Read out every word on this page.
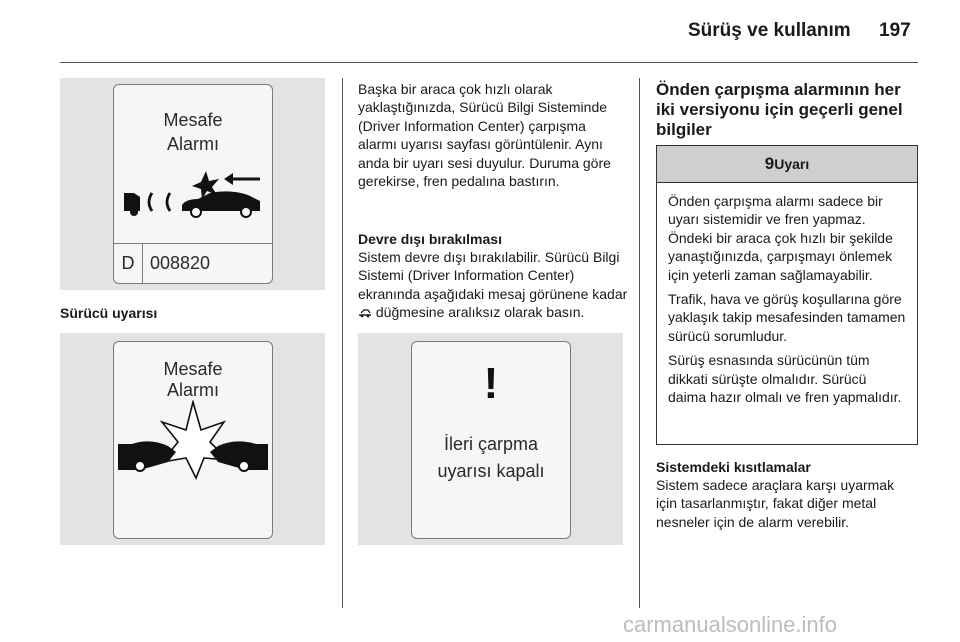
Sürüş ve kullanım 197
Mesafe
Alarmı
D 008820
Sürücü uyarısı
Mesafe
Alarmı
Başka bir araca çok hızlı olarak yaklaştığınızda, Sürücü Bilgi Sisteminde (Driver Information Center) çarpışma alarmı uyarısı sayfası görüntülenir. Aynı anda bir uyarı sesi duyulur. Duruma göre gerekirse, fren pedalına bastırın.
Devre dışı bırakılması
Sistem devre dışı bırakılabilir. Sürücü Bilgi Sistemi (Driver Information Center) ekranında aşağıdaki mesaj görünene kadar  düğmesine aralıksız olarak basın.
!
İleri çarpma
uyarısı kapalı
Önden çarpışma alarmının her iki versiyonu için geçerli genel bilgiler
9 Uyarı

Önden çarpışma alarmı sadece bir uyarı sistemidir ve fren yapmaz. Öndeki bir araca çok hızlı bir şekilde yanaştığınızda, çarpışmayı önlemek için yeterli zaman sağlamayabilir.

Trafik, hava ve görüş koşullarına göre yaklaşık takip mesafesinden tamamen sürücü sorumludur.

Sürüş esnasında sürücünün tüm dikkati sürüşte olmalıdır. Sürücü daima hazır olmalı ve fren yapmalıdır.

Sistemdeki kısıtlamalar
Sistem sadece araçlara karşı uyarmak için tasarlanmıştır, fakat diğer metal nesneler için de alarm verebilir.
carmanualsonline.info
